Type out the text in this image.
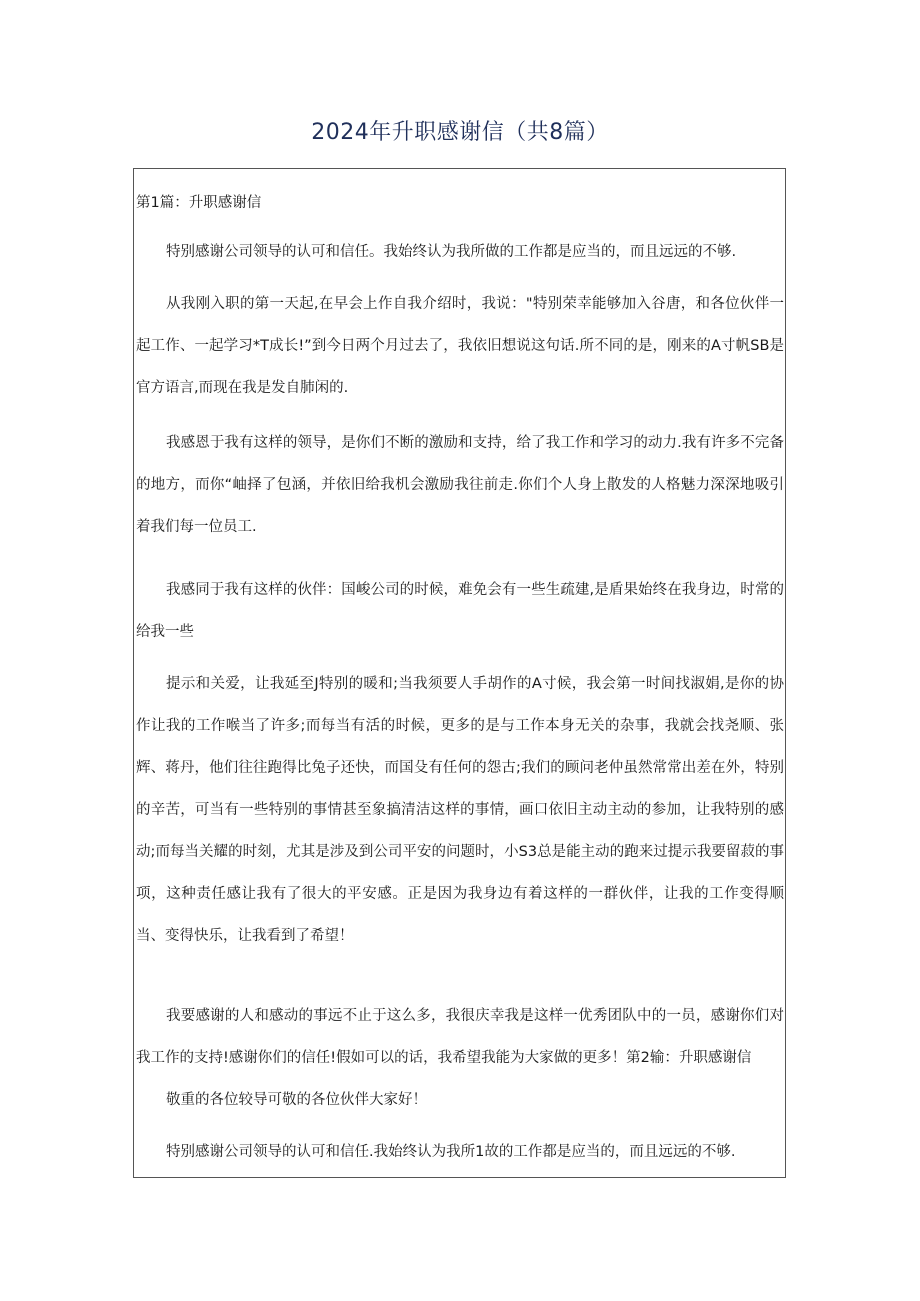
2024年升职感谢信（共8篇）
第1篇：升职感谢信

特别感谢公司领导的认可和信任。我始终认为我所做的工作都是应当的，而且远远的不够.

从我刚入职的第一天起,在早会上作自我介绍时，我说："特别荣幸能够加入谷唐，和各位伙伴一起工作、一起学习*T成长!”到今日两个月过去了，我依旧想说这句话.所不同的是，刚来的A寸帆SB是官方语言,而现在我是发自肺闲的.

我感恩于我有这样的领导，是你们不断的激励和支持，给了我工作和学习的动力.我有许多不完备的地方，而你“岫择了包涵，并依旧给我机会激励我往前走.你们个人身上散发的人格魅力深深地吸引着我们每一位员工.

我感同于我有这样的伙伴：国峻公司的时候，难免会有一些生疏建,是盾果始终在我身边，时常的给我一些

提示和关爱，让我延至J特别的暖和;当我须要人手胡作的A寸候，我会第一时间找淑娟,是你的协作让我的工作喉当了许多;而每当有活的时候，更多的是与工作本身无关的杂事，我就会找尧顺、张辉、蒋丹，他们往往跑得比兔子还快，而国殳有任何的怨古;我们的顾问老仲虽然常常出差在外，特别的辛苦，可当有一些特别的事情甚至象搞清洁这样的事情，画口依旧主动主动的参加，让我特别的感动;而每当关耀的时刻，尤其是涉及到公司平安的问题时，小S3总是能主动的跑来过提示我要留菽的事项，这种责任感让我有了很大的平安感。正是因为我身边有着这样的一群伙伴，让我的工作变得顺当、变得快乐，让我看到了希望！

我要感谢的人和感动的事远不止于这么多，我很庆幸我是这样一优秀团队中的一员，感谢你们对我工作的支持!感谢你们的信任!假如可以的话，我希望我能为大家做的更多！第2输：升职感谢信

敬重的各位较导可敬的各位伙伴大家好！

特别感谢公司领导的认可和信任.我始终认为我所1故的工作都是应当的，而且远远的不够.
